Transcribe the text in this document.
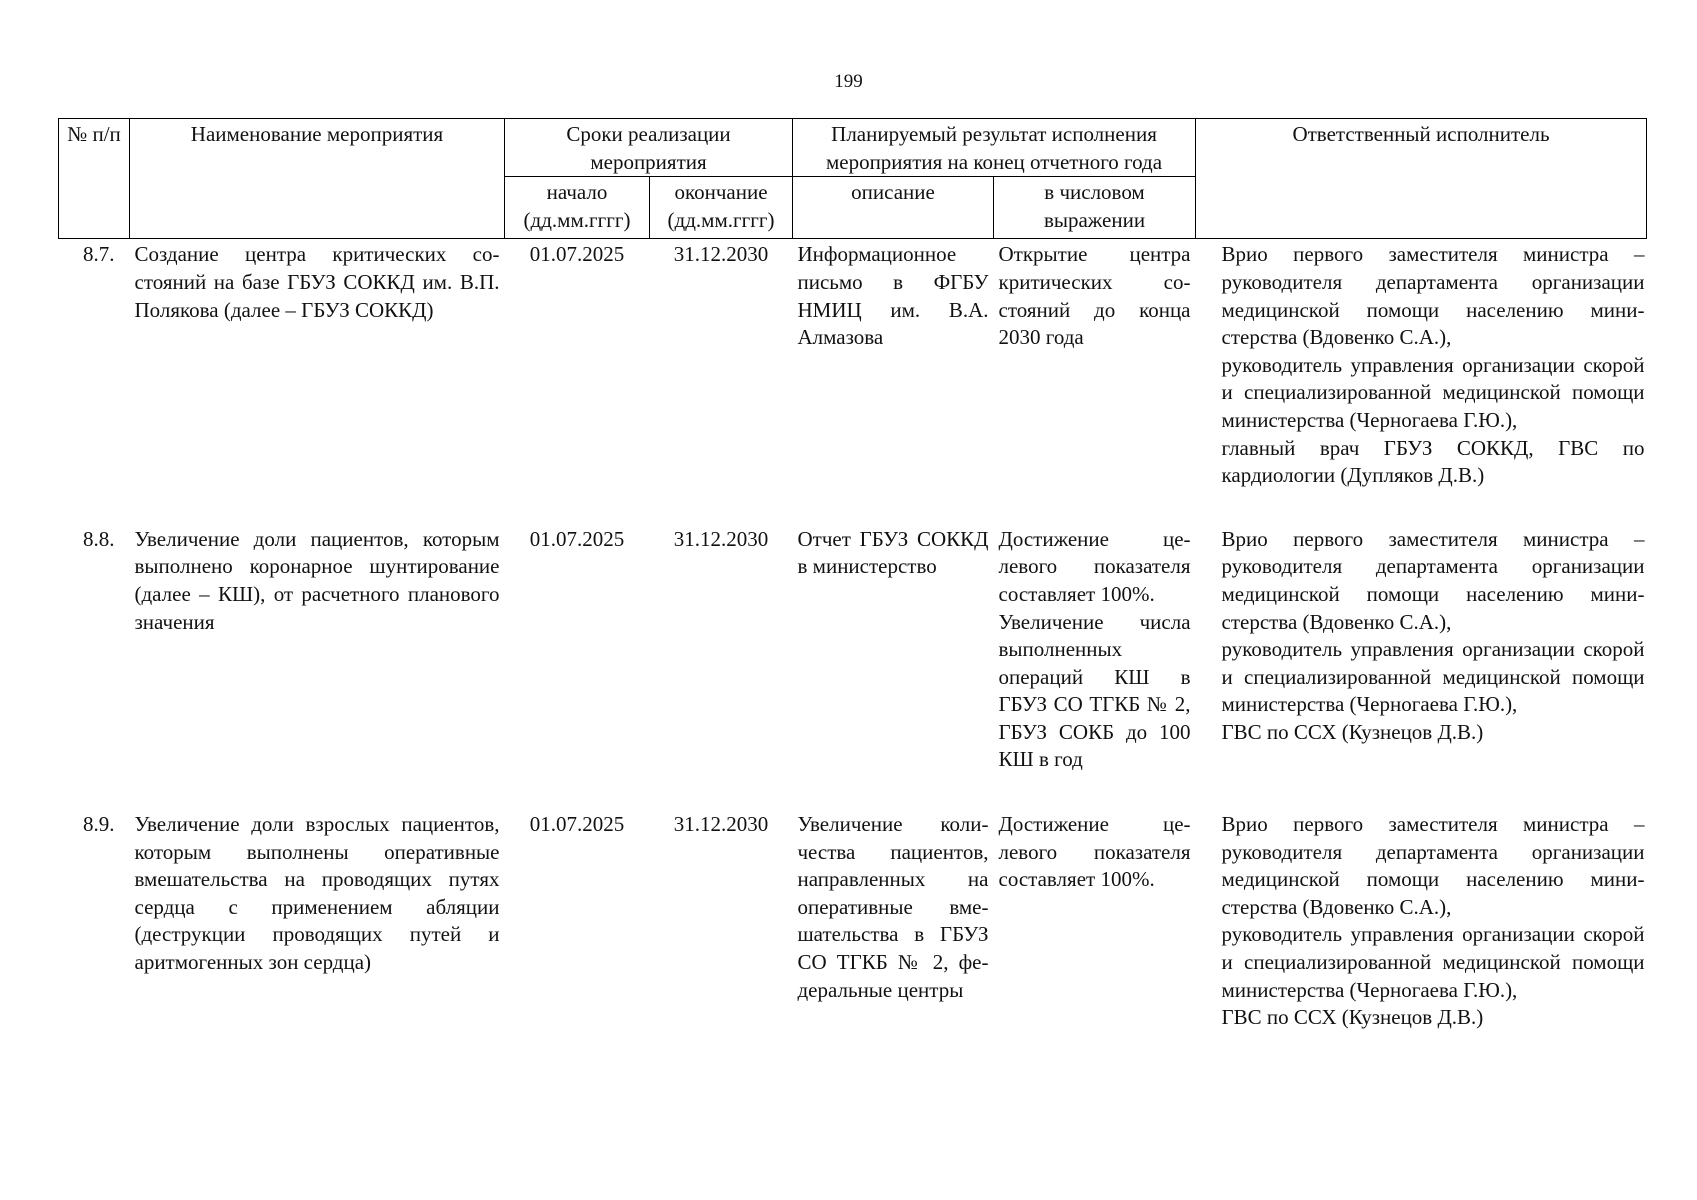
199
№ п/п	Наименование мероприятия	Сроки реализации мероприятия		Планируемый результат исполнения мероприятия на конец отчетного года		Ответственный исполнитель
		начало (дд.мм.гггг)	окончание (дд.мм.гггг)	описание	в числовом выражении	
8.7.	Создание центра критических состояний на базе ГБУЗ СОККД им. В.П. Полякова (далее – ГБУЗ СОККД)	01.07.2025	31.12.2030	Информационное письмо в ФГБУ НМИЦ им. В.А. Алмазова	Открытие центра критических состояний до конца 2030 года	Врио первого заместителя министра – руководителя департамента организации медицинской помощи населению министерства (Вдовенко С.А.),
руководитель управления организации скорой и специализированной медицинской помощи министерства (Черногаева Г.Ю.),
главный врач ГБУЗ СОККД, ГВС по кардиологии (Дупляков Д.В.)

8.8.	Увеличение доли пациентов, которым выполнено коронарное шунтирование (далее – КШ), от расчетного планового значения	01.07.2025	31.12.2030	Отчет ГБУЗ СОККД в министерство	Достижение целевого показателя составляет 100%.
Увеличение числа выполненных операций КШ в ГБУЗ СО ТГКБ № 2, ГБУЗ СОКБ до 100 КШ в год	Врио первого заместителя министра – руководителя департамента организации медицинской помощи населению министерства (Вдовенко С.А.),
руководитель управления организации скорой и специализированной медицинской помощи министерства (Черногаева Г.Ю.),
ГВС по ССХ (Кузнецов Д.В.)

8.9.	Увеличение доли взрослых пациентов, которым выполнены оперативные вмешательства на проводящих путях сердца с применением абляции (деструкции проводящих путей и аритмогенных зон сердца)	01.07.2025	31.12.2030	Увеличение количества пациентов, направленных на оперативные вмешательства в ГБУЗ СО ТГКБ № 2, федеральные центры	Достижение целевого показателя составляет 100%.	Врио первого заместителя министра – руководителя департамента организации медицинской помощи населению министерства (Вдовенко С.А.),
руководитель управления организации скорой и специализированной медицинской помощи министерства (Черногаева Г.Ю.),
ГВС по ССХ (Кузнецов Д.В.)
